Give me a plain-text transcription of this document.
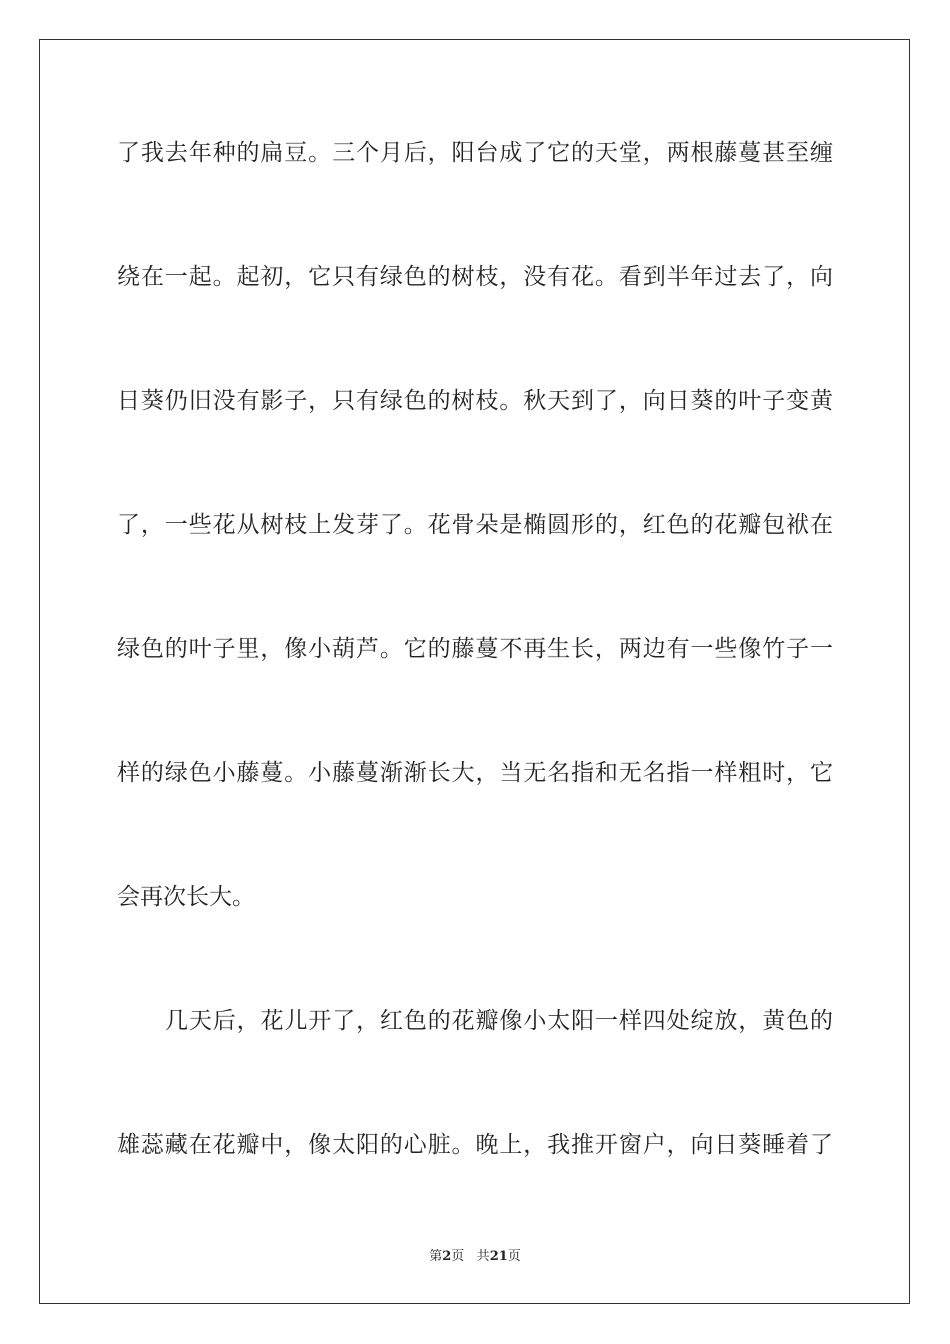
了我去年种的扁豆。三个月后，阳台成了它的天堂，两根藤蔓甚至缠
绕在一起。起初，它只有绿色的树枝，没有花。看到半年过去了，向
日葵仍旧没有影子，只有绿色的树枝。秋天到了，向日葵的叶子变黄
了，一些花从树枝上发芽了。花骨朵是椭圆形的，红色的花瓣包袱在
绿色的叶子里，像小葫芦。它的藤蔓不再生长，两边有一些像竹子一
样的绿色小藤蔓。小藤蔓渐渐长大，当无名指和无名指一样粗时，它
会再次长大。
几天后，花儿开了，红色的花瓣像小太阳一样四处绽放，黄色的
雄蕊藏在花瓣中，像太阳的心脏。晚上，我推开窗户，向日葵睡着了
第2页 共21页
